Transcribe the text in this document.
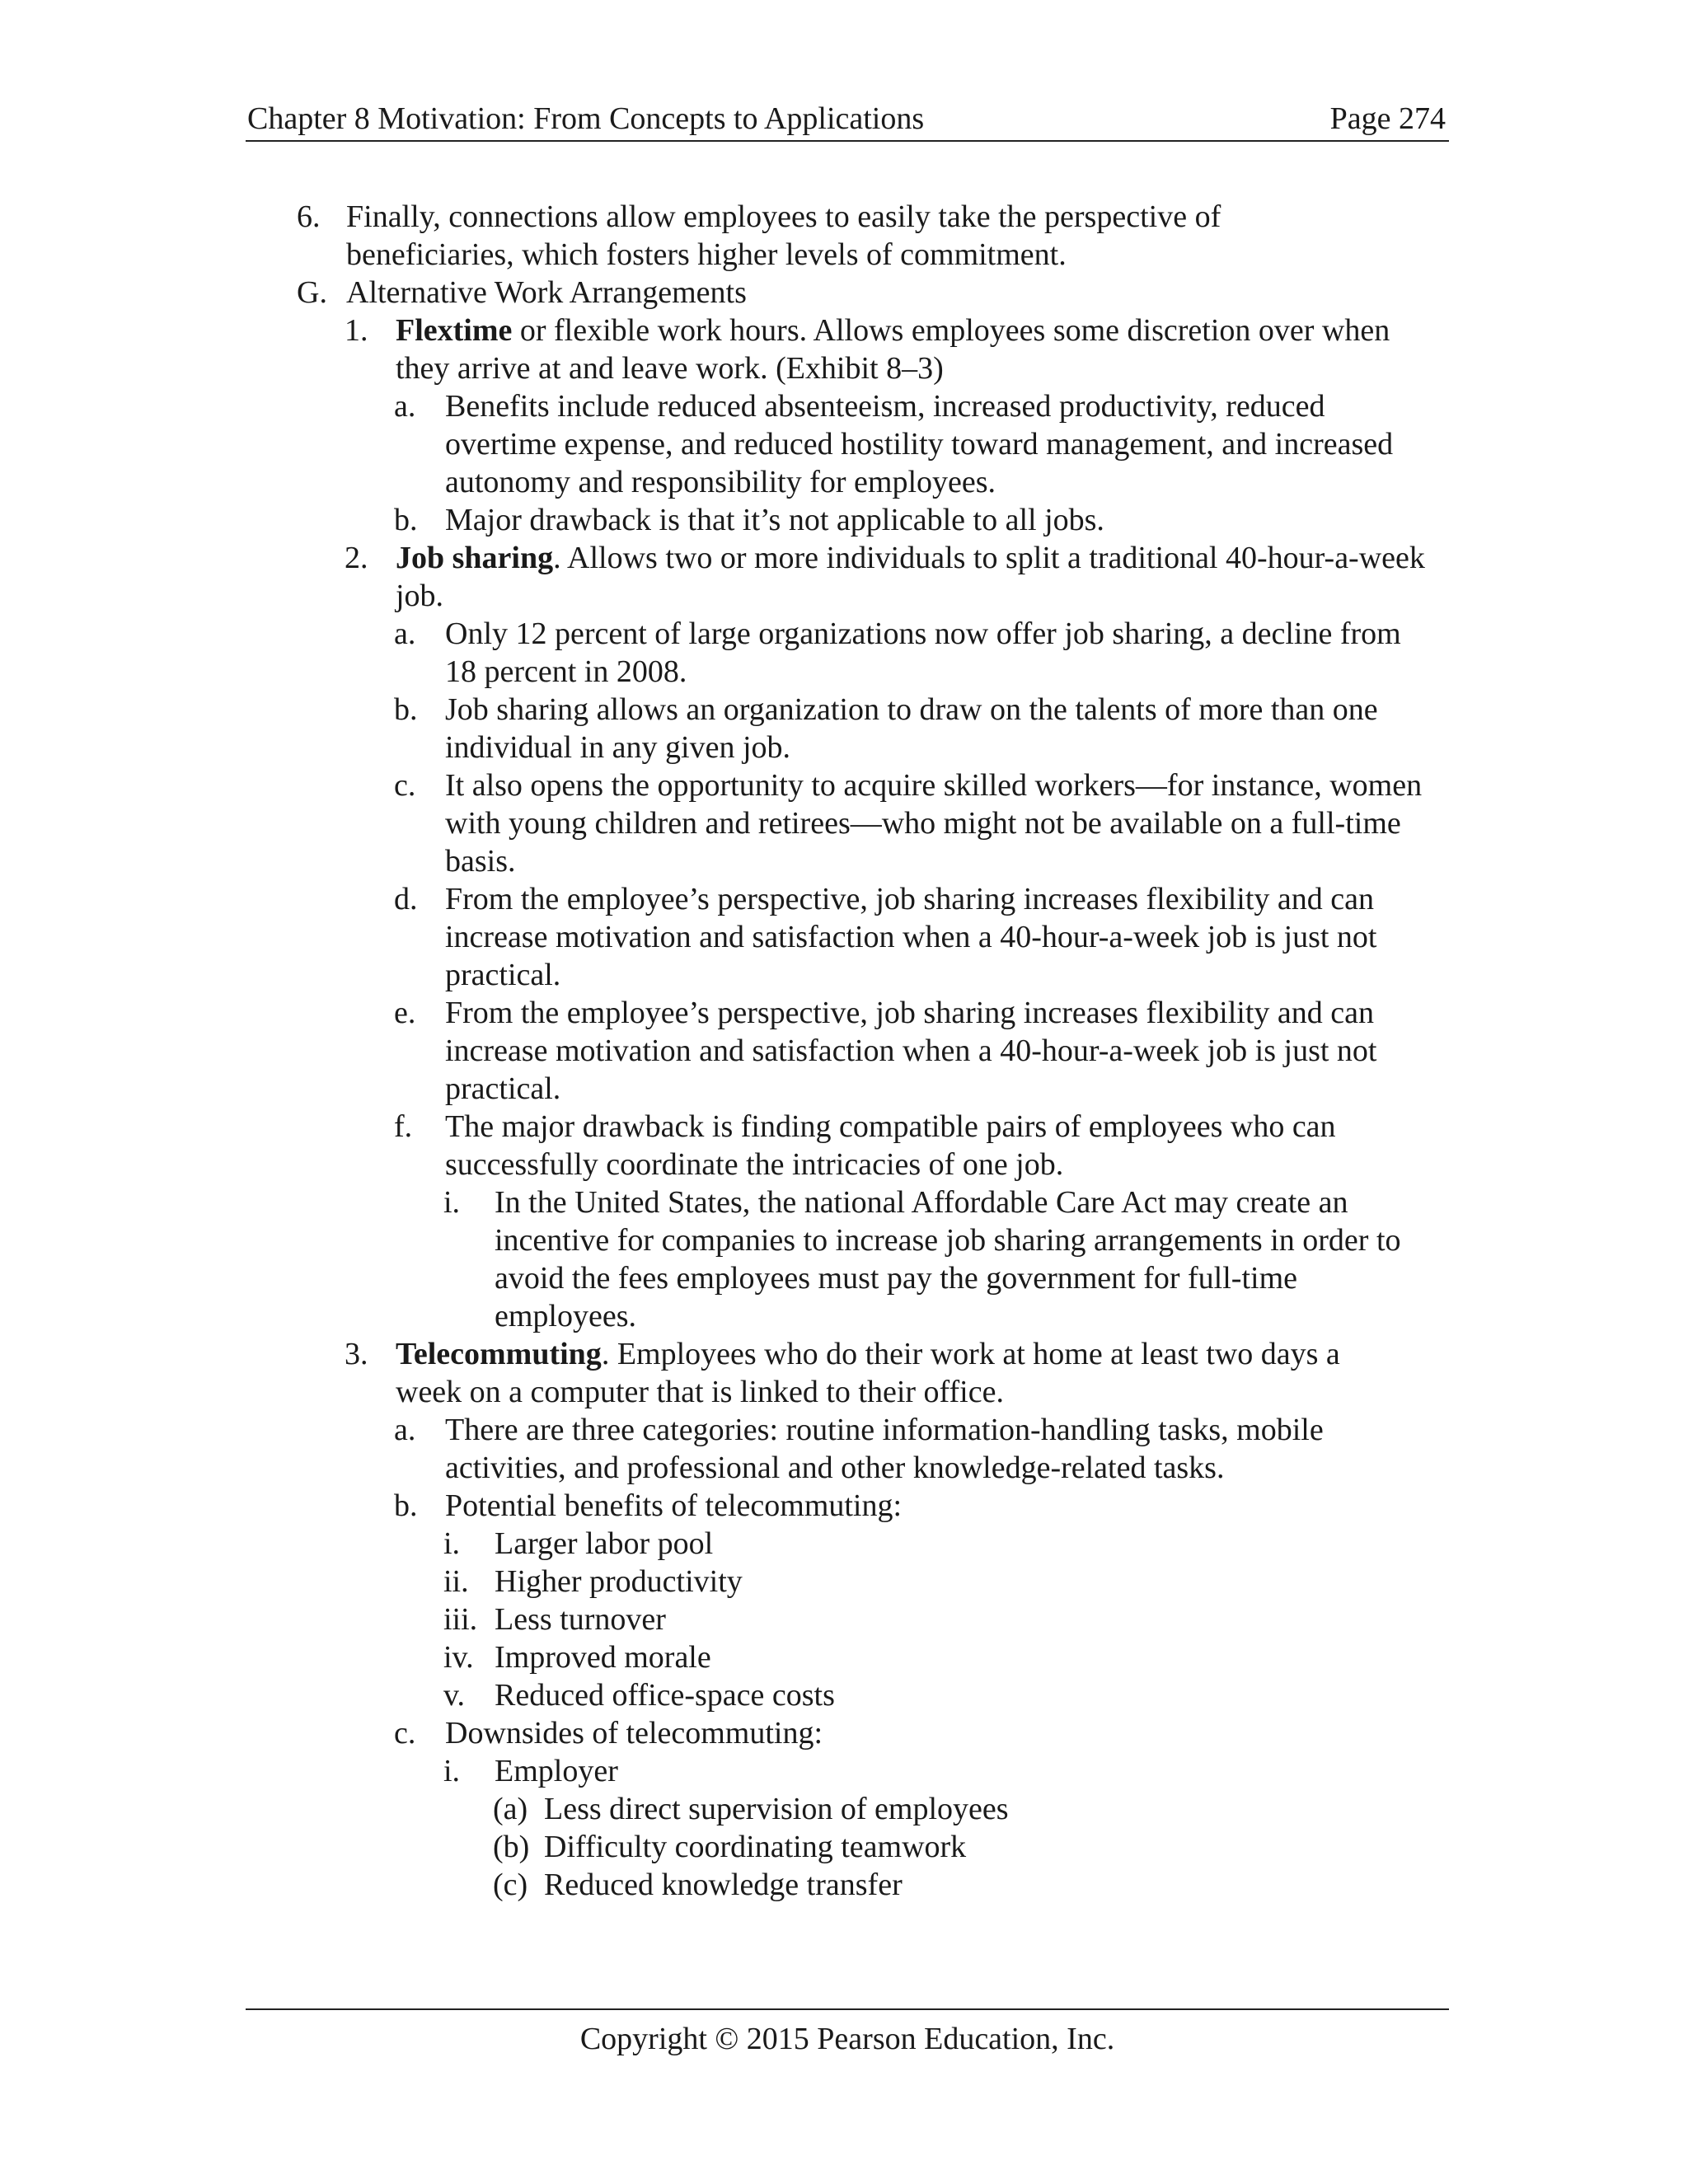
Chapter 8 Motivation: From Concepts to Applications	Page 274
6. Finally, connections allow employees to easily take the perspective of beneficiaries, which fosters higher levels of commitment.
G. Alternative Work Arrangements
1. Flextime or flexible work hours. Allows employees some discretion over when they arrive at and leave work. (Exhibit 8–3)
a. Benefits include reduced absenteeism, increased productivity, reduced overtime expense, and reduced hostility toward management, and increased autonomy and responsibility for employees.
b. Major drawback is that it’s not applicable to all jobs.
2. Job sharing. Allows two or more individuals to split a traditional 40-hour-a-week job.
a. Only 12 percent of large organizations now offer job sharing, a decline from 18 percent in 2008.
b. Job sharing allows an organization to draw on the talents of more than one individual in any given job.
c. It also opens the opportunity to acquire skilled workers—for instance, women with young children and retirees—who might not be available on a full-time basis.
d. From the employee’s perspective, job sharing increases flexibility and can increase motivation and satisfaction when a 40-hour-a-week job is just not practical.
e. From the employee’s perspective, job sharing increases flexibility and can increase motivation and satisfaction when a 40-hour-a-week job is just not practical.
f. The major drawback is finding compatible pairs of employees who can successfully coordinate the intricacies of one job.
i. In the United States, the national Affordable Care Act may create an incentive for companies to increase job sharing arrangements in order to avoid the fees employees must pay the government for full-time employees.
3. Telecommuting. Employees who do their work at home at least two days a week on a computer that is linked to their office.
a. There are three categories: routine information-handling tasks, mobile activities, and professional and other knowledge-related tasks.
b. Potential benefits of telecommuting:
i. Larger labor pool
ii. Higher productivity
iii. Less turnover
iv. Improved morale
v. Reduced office-space costs
c. Downsides of telecommuting:
i. Employer
(a) Less direct supervision of employees
(b) Difficulty coordinating teamwork
(c) Reduced knowledge transfer
Copyright © 2015 Pearson Education, Inc.
